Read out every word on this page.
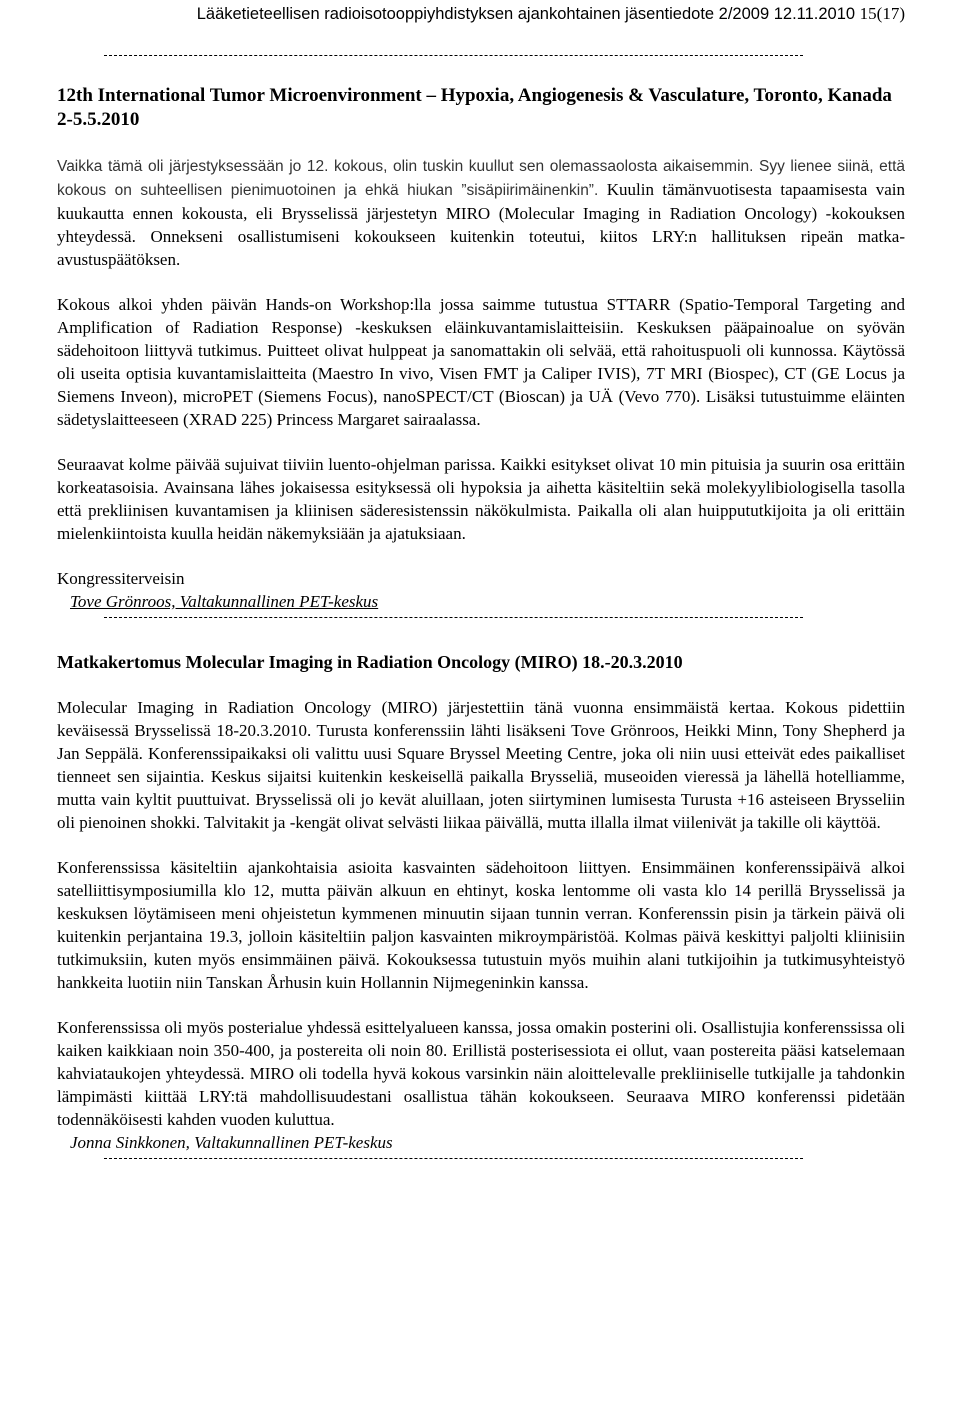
Lääketieteellisen radioisotooppiyhdistyksen ajankohtainen jäsentiedote 2/2009 12.11.2010 15(17)
12th International Tumor Microenvironment – Hypoxia, Angiogenesis & Vasculature, Toronto, Kanada 2-5.5.2010

Vaikka tämä oli järjestyksessään jo 12. kokous, olin tuskin kuullut sen olemassaolosta aikaisemmin. Syy lienee siinä, että kokous on suhteellisen pienimuotoinen ja ehkä hiukan ”sisäpiirimäinenkin”. Kuulin tämänvuotisesta tapaamisesta vain kuukautta ennen kokousta, eli Brysselissä järjestetyn MIRO (Molecular Imaging in Radiation Oncology) -kokouksen yhteydessä. Onnekseni osallistumiseni kokoukseen kuitenkin toteutui, kiitos LRY:n hallituksen ripeän matka-avustuspäätöksen.

Kokous alkoi yhden päivän Hands-on Workshop:lla jossa saimme tutustua STTARR (Spatio-Temporal Targeting and Amplification of Radiation Response) -keskuksen eläinkuvantamislaitteisiin. Keskuksen pääpainoalue on syövän sädehoitoon liittyvä tutkimus. Puitteet olivat hulppeat ja sanomattakin oli selvää, että rahoituspuoli oli kunnossa. Käytössä oli useita optisia kuvantamislaitteita (Maestro In vivo, Visen FMT ja Caliper IVIS), 7T MRI (Biospec), CT (GE Locus ja Siemens Inveon), microPET (Siemens Focus), nanoSPECT/CT (Bioscan) ja UÄ (Vevo 770). Lisäksi tutustuimme eläinten sädetyslaitteeseen (XRAD 225) Princess Margaret sairaalassa.

Seuraavat kolme päivää sujuivat tiiviin luento-ohjelman parissa. Kaikki esitykset olivat 10 min pituisia ja suurin osa erittäin korkeatasoisia. Avainsana lähes jokaisessa esityksessä oli hypoksia ja aihetta käsiteltiin sekä molekyylibiologisella tasolla että prekliinisen kuvantamisen ja kliinisen säderesistenssin näkökulmista. Paikalla oli alan huippututkijoita ja oli erittäin mielenkiintoista kuulla heidän näkemyksiään ja ajatuksiaan.

Kongressiterveisin
Tove Grönroos, Valtakunnallinen PET-keskus
Matkakertomus Molecular Imaging in Radiation Oncology (MIRO) 18.-20.3.2010

Molecular Imaging in Radiation Oncology (MIRO) järjestettiin tänä vuonna ensimmäistä kertaa. Kokous pidettiin keväisessä Brysselissä 18-20.3.2010. Turusta konferenssiin lähti lisäkseni Tove Grönroos, Heikki Minn, Tony Shepherd ja Jan Seppälä. Konferenssipaikaksi oli valittu uusi Square Bryssel Meeting Centre, joka oli niin uusi etteivät edes paikalliset tienneet sen sijaintia. Keskus sijaitsi kuitenkin keskeisellä paikalla Brysseliä, museoiden vieressä ja lähellä hotelliamme, mutta vain kyltit puuttuivat. Brysselissä oli jo kevät aluillaan, joten siirtyminen lumisesta Turusta +16 asteiseen Brysseliin oli pienoinen shokki. Talvitakit ja -kengät olivat selvästi liikaa päivällä, mutta illalla ilmat viilenivät ja takille oli käyttöä.

Konferenssissa käsiteltiin ajankohtaisia asioita kasvainten sädehoitoon liittyen. Ensimmäinen konferenssipäivä alkoi satelliittisymposiumilla klo 12, mutta päivän alkuun en ehtinyt, koska lentomme oli vasta klo 14 perillä Brysselissä ja keskuksen löytämiseen meni ohjeistetun kymmenen minuutin sijaan tunnin verran. Konferenssin pisin ja tärkein päivä oli kuitenkin perjantaina 19.3, jolloin käsiteltiin paljon kasvainten mikroympäristöä. Kolmas päivä keskittyi paljolti kliinisiin tutkimuksiin, kuten myös ensimmäinen päivä. Kokouksessa tutustuin myös muihin alani tutkijoihin ja tutkimusyhteistyö hankkeita luotiin niin Tanskan Århusin kuin Hollannin Nijmegeninkin kanssa.

Konferenssissa oli myös posterialue yhdessä esittelyalueen kanssa, jossa omakin posterini oli. Osallistujia konferenssissa oli kaiken kaikkiaan noin 350-400, ja postereita oli noin 80. Erillistä posterisessiota ei ollut, vaan postereita pääsi katselemaan kahviataukojen yhteydessä. MIRO oli todella hyvä kokous varsinkin näin aloittelevalle prekliiniselle tutkijalle ja tahdonkin lämpimästi kiittää LRY:tä mahdollisuudestani osallistua tähän kokoukseen. Seuraava MIRO konferenssi pidetään todennäköisesti kahden vuoden kuluttua.

Jonna Sinkkonen, Valtakunnallinen PET-keskus
